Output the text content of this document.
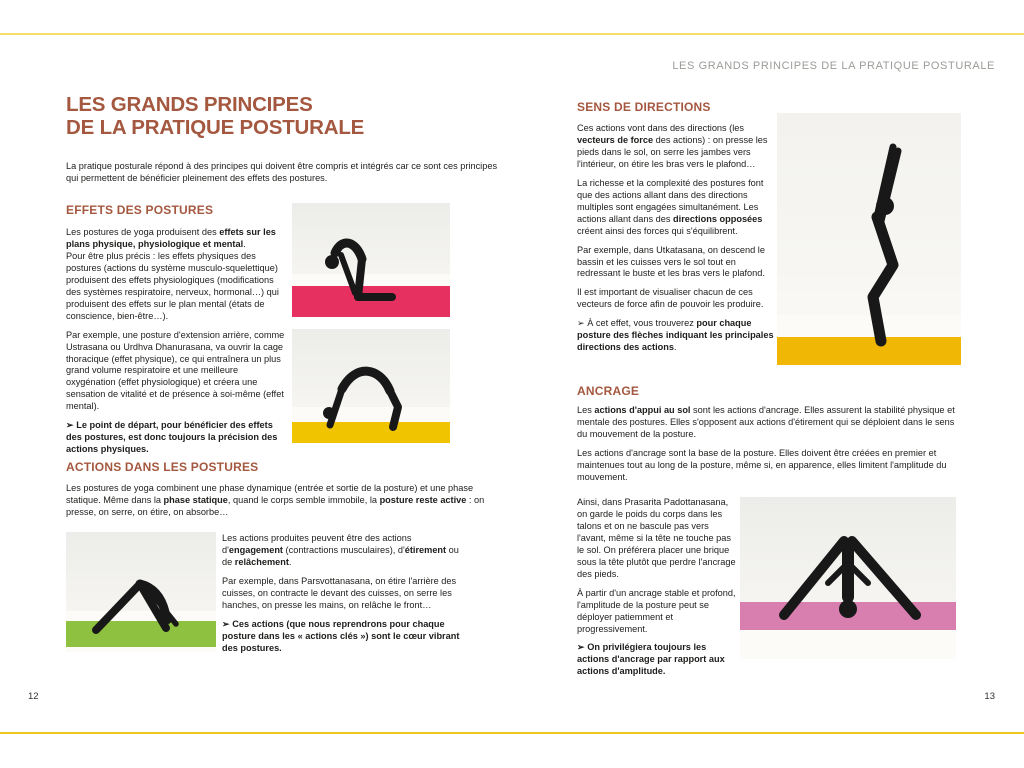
LES GRANDS PRINCIPES
DE LA PRATIQUE POSTURALE
La pratique posturale répond à des principes qui doivent être compris et intégrés car ce sont ces principes qui permettent de bénéficier pleinement des effets des postures.
EFFETS DES POSTURES

Les postures de yoga produisent des effets sur les plans physique, physiologique et mental.
Pour être plus précis : les effets physiques des postures (actions du système musculo-squelettique) produisent des effets physiologiques (modifications des systèmes respiratoire, nerveux, hormonal…) qui produisent des effets sur le plan mental (états de conscience, bien-être…).

Par exemple, une posture d'extension arrière, comme Ustrasana ou Urdhva Dhanurasana, va ouvrir la cage thoracique (effet physique), ce qui entraînera un plus grand volume respiratoire et une meilleure oxygénation (effet physiologique) et créera une sensation de vitalité et de présence à soi-même (effet mental).

➢ Le point de départ, pour bénéficier des effets des postures, est donc toujours la précision des actions physiques.

ACTIONS DANS LES POSTURES

Les postures de yoga combinent une phase dynamique (entrée et sortie de la posture) et une phase statique. Même dans la phase statique, quand le corps semble immobile, la posture reste active : on presse, on serre, on étire, on absorbe…

Les actions produites peuvent être des actions d'engagement (contractions musculaires), d'étirement ou de relâchement.

Par exemple, dans Parsvottanasana, on étire l'arrière des cuisses, on contracte le devant des cuisses, on serre les hanches, on presse les mains, on relâche le front…

➢ Ces actions (que nous reprendrons pour chaque posture dans les « actions clés ») sont le cœur vibrant des postures.

12
LES GRANDS PRINCIPES DE LA PRATIQUE POSTURALE
SENS DE DIRECTIONS

Ces actions vont dans des directions (les vecteurs de force des actions) : on presse les pieds dans le sol, on serre les jambes vers l'intérieur, on étire les bras vers le plafond…

La richesse et la complexité des postures font que des actions allant dans des directions multiples sont engagées simultanément. Les actions allant dans des directions opposées créent ainsi des forces qui s'équilibrent.

Par exemple, dans Utkatasana, on descend le bassin et les cuisses vers le sol tout en redressant le buste et les bras vers le plafond.

Il est important de visualiser chacun de ces vecteurs de force afin de pouvoir les produire.

➢ À cet effet, vous trouverez pour chaque posture des flèches indiquant les principales directions des actions.

ANCRAGE

Les actions d'appui au sol sont les actions d'ancrage. Elles assurent la stabilité physique et mentale des postures. Elles s'opposent aux actions d'étirement qui se déploient dans le sens du mouvement de la posture.

Les actions d'ancrage sont la base de la posture. Elles doivent être créées en premier et maintenues tout au long de la posture, même si, en apparence, elles limitent l'amplitude du mouvement.

Ainsi, dans Prasarita Padottanasana, on garde le poids du corps dans les talons et on ne bascule pas vers l'avant, même si la tête ne touche pas le sol. On préférera placer une brique sous la tête plutôt que perdre l'ancrage des pieds.

À partir d'un ancrage stable et profond, l'amplitude de la posture peut se déployer patiemment et progressivement.

➢ On privilégiera toujours les actions d'ancrage par rapport aux actions d'amplitude.

13
